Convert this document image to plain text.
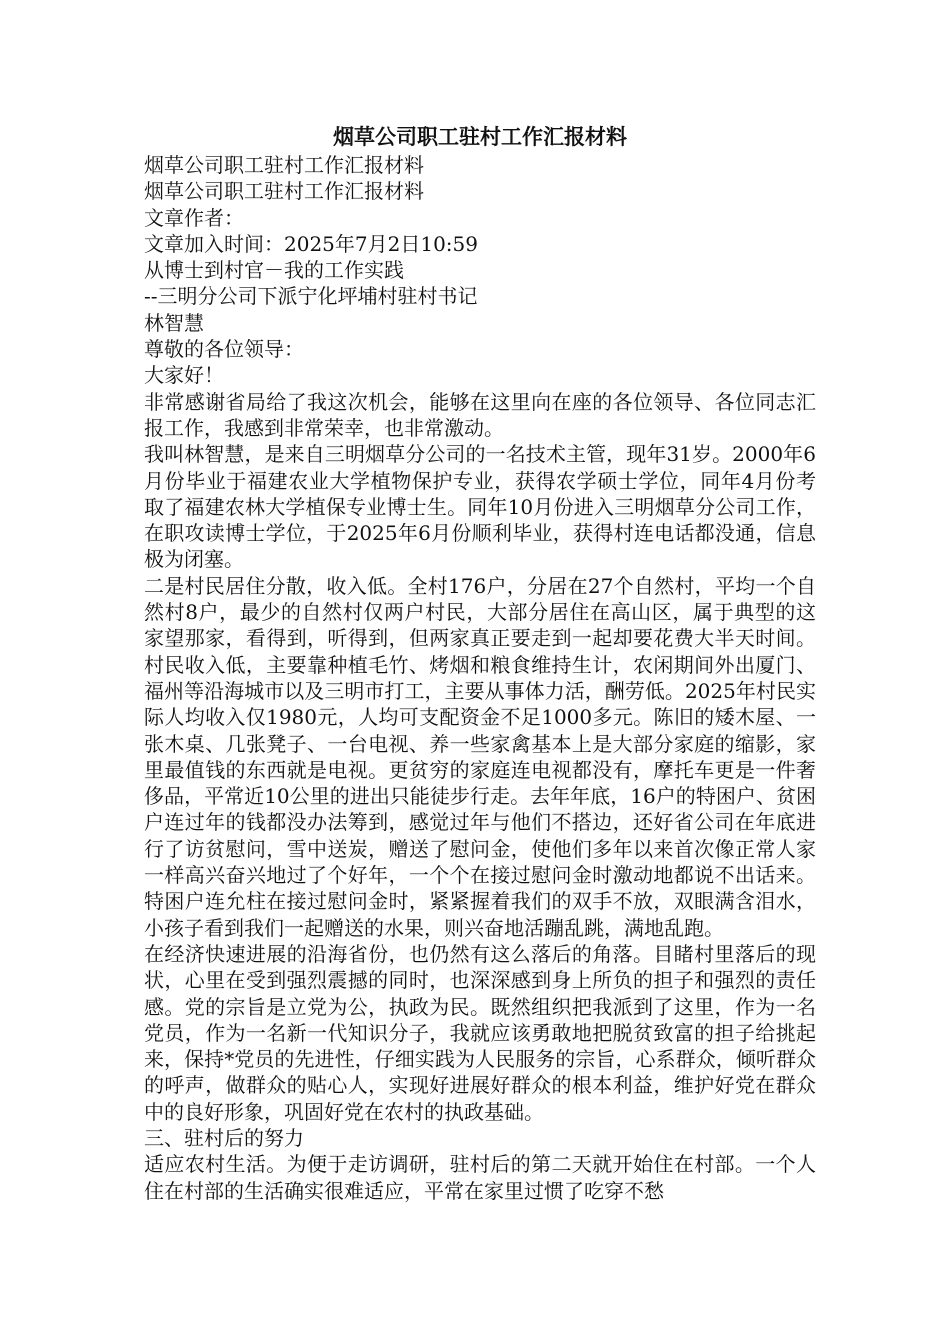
烟草公司职工驻村工作汇报材料

烟草公司职工驻村工作汇报材料

烟草公司职工驻村工作汇报材料

文章作者：

文章加入时间：2025年7月2日10:59

从博士到村官－我的工作实践

--三明分公司下派宁化坪埔村驻村书记

林智慧

尊敬的各位领导：

大家好！

非常感谢省局给了我这次机会，能够在这里向在座的各位领导、各位同志汇报工作，我感到非常荣幸，也非常激动。

我叫林智慧，是来自三明烟草分公司的一名技术主管，现年31岁。2000年6月份毕业于福建农业大学植物保护专业，获得农学硕士学位，同年4月份考取了福建农林大学植保专业博士生。同年10月份进入三明烟草分公司工作，在职攻读博士学位，于2025年6月份顺利毕业，获得村连电话都没通，信息极为闭塞。

二是村民居住分散，收入低。全村176户，分居在27个自然村，平均一个自然村8户，最少的自然村仅两户村民，大部分居住在高山区，属于典型的这家望那家，看得到，听得到，但两家真正要走到一起却要花费大半天时间。村民收入低，主要靠种植毛竹、烤烟和粮食维持生计，农闲期间外出厦门、福州等沿海城市以及三明市打工，主要从事体力活，酬劳低。2025年村民实际人均收入仅1980元，人均可支配资金不足1000多元。陈旧的矮木屋、一张木桌、几张凳子、一台电视、养一些家禽基本上是大部分家庭的缩影，家里最值钱的东西就是电视。更贫穷的家庭连电视都没有，摩托车更是一件奢侈品，平常近10公里的进出只能徒步行走。去年年底，16户的特困户、贫困户连过年的钱都没办法筹到，感觉过年与他们不搭边，还好省公司在年底进行了访贫慰问，雪中送炭，赠送了慰问金，使他们多年以来首次像正常人家一样高兴奋兴地过了个好年，一个个在接过慰问金时激动地都说不出话来。特困户连允柱在接过慰问金时，紧紧握着我们的双手不放，双眼满含泪水，小孩子看到我们一起赠送的水果，则兴奋地活蹦乱跳，满地乱跑。

在经济快速进展的沿海省份，也仍然有这么落后的角落。目睹村里落后的现状，心里在受到强烈震撼的同时，也深深感到身上所负的担子和强烈的责任感。党的宗旨是立党为公，执政为民。既然组织把我派到了这里，作为一名党员，作为一名新一代知识分子，我就应该勇敢地把脱贫致富的担子给挑起来，保持*党员的先进性，仔细实践为人民服务的宗旨，心系群众，倾听群众的呼声，做群众的贴心人，实现好进展好群众的根本利益，维护好党在群众中的良好形象，巩固好党在农村的执政基础。

三、驻村后的努力

适应农村生活。为便于走访调研，驻村后的第二天就开始住在村部。一个人住在村部的生活确实很难适应，平常在家里过惯了吃穿不愁
